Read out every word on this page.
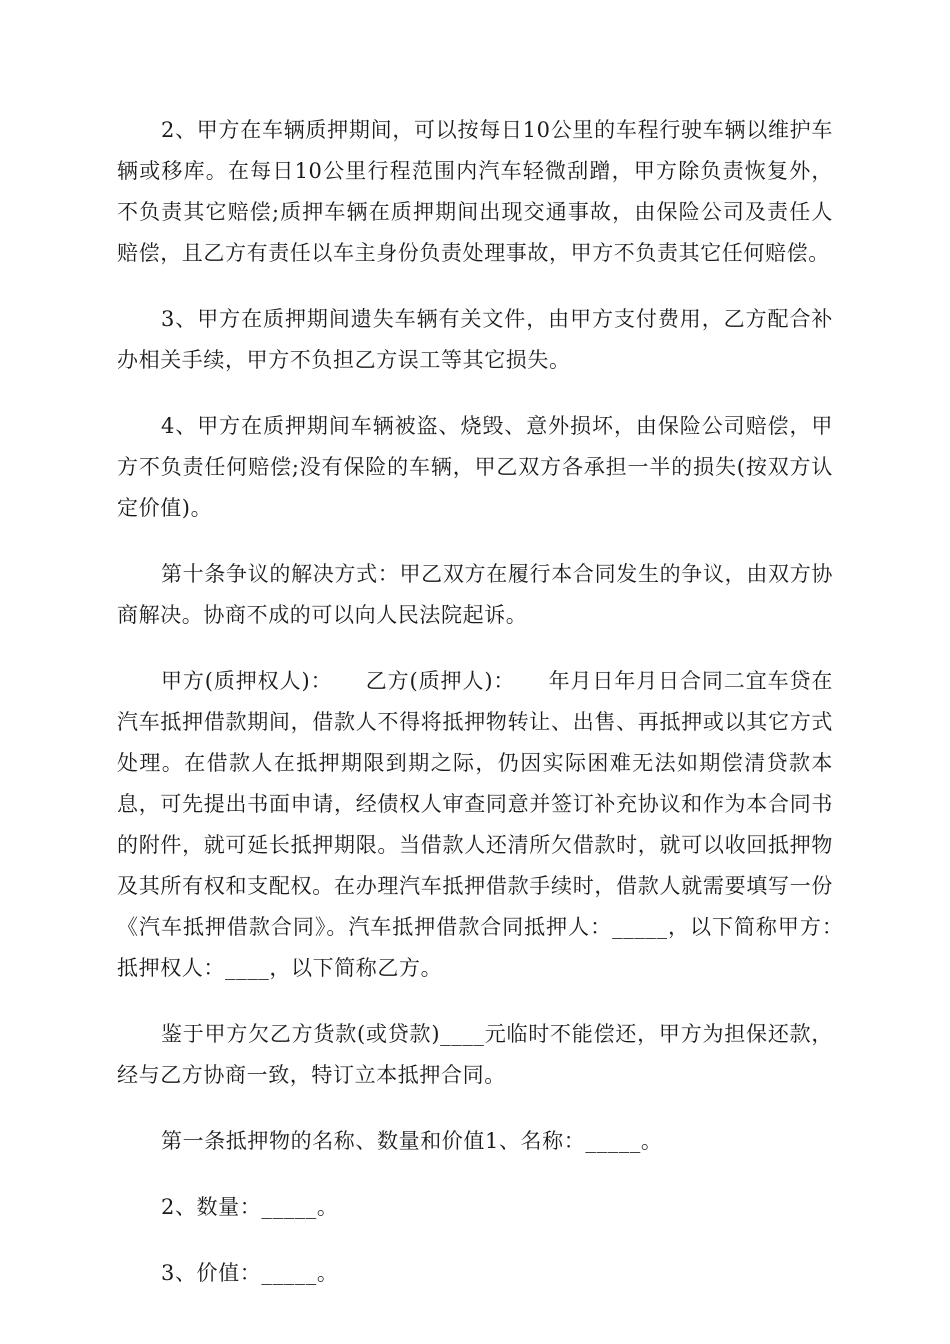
2、甲方在车辆质押期间，可以按每日10公里的车程行驶车辆以维护车辆或移库。在每日10公里行程范围内汽车轻微刮蹭，甲方除负责恢复外，不负责其它赔偿;质押车辆在质押期间出现交通事故，由保险公司及责任人赔偿，且乙方有责任以车主身份负责处理事故，甲方不负责其它任何赔偿。

3、甲方在质押期间遗失车辆有关文件，由甲方支付费用，乙方配合补办相关手续，甲方不负担乙方误工等其它损失。

4、甲方在质押期间车辆被盗、烧毁、意外损坏，由保险公司赔偿，甲方不负责任何赔偿;没有保险的车辆，甲乙双方各承担一半的损失(按双方认定价值)。

第十条争议的解决方式：甲乙双方在履行本合同发生的争议，由双方协商解决。协商不成的可以向人民法院起诉。

甲方(质押权人)：　　乙方(质押人)：　　年月日年月日合同二宜车贷在汽车抵押借款期间，借款人不得将抵押物转让、出售、再抵押或以其它方式处理。在借款人在抵押期限到期之际，仍因实际困难无法如期偿清贷款本息，可先提出书面申请，经债权人审查同意并签订补充协议和作为本合同书的附件，就可延长抵押期限。当借款人还清所欠借款时，就可以收回抵押物及其所有权和支配权。在办理汽车抵押借款手续时，借款人就需要填写一份《汽车抵押借款合同》。汽车抵押借款合同抵押人：_____，以下简称甲方：　抵押权人：____，以下简称乙方。

鉴于甲方欠乙方货款(或贷款)____元临时不能偿还，甲方为担保还款，经与乙方协商一致，特订立本抵押合同。

第一条抵押物的名称、数量和价值1、名称：_____。

2、数量：_____。

3、价值：_____。
